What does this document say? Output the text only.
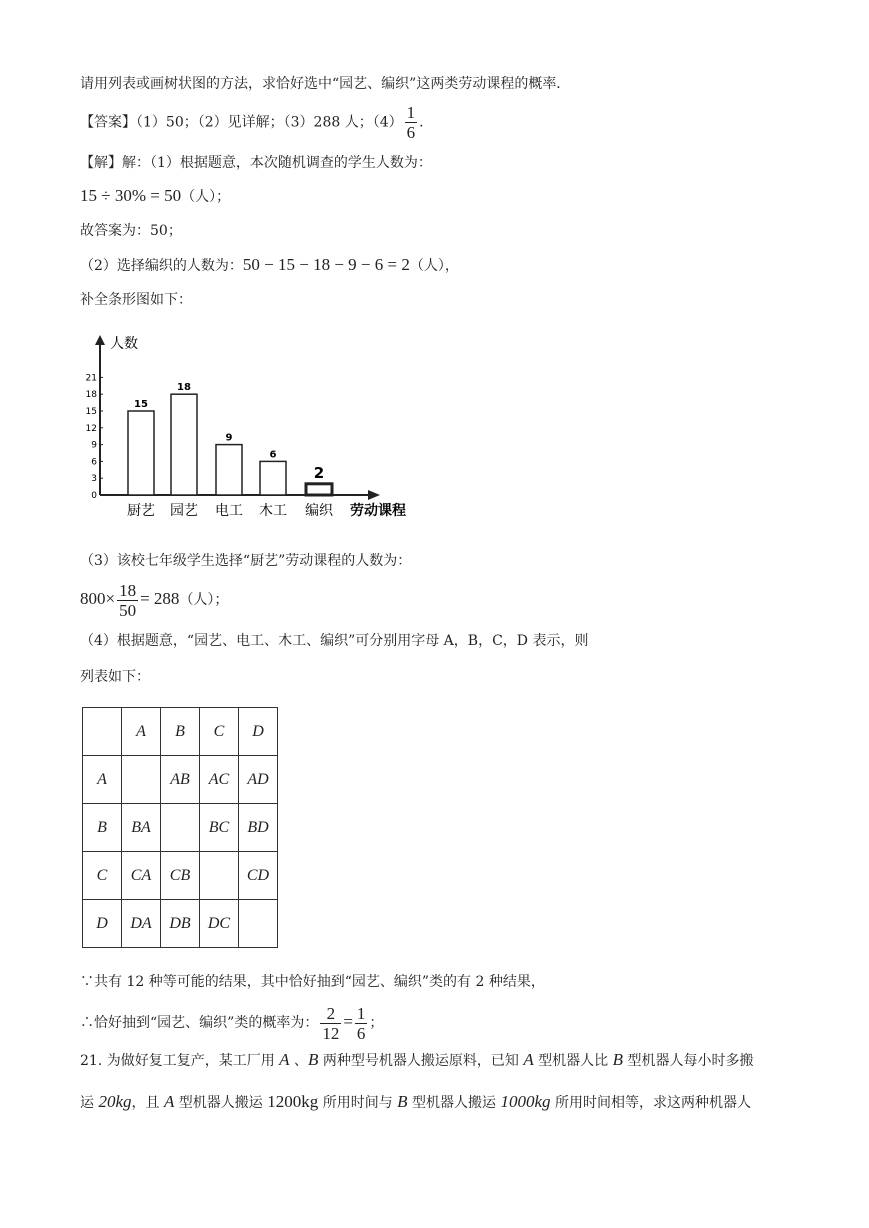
请用列表或画树状图的方法，求恰好选中“园艺、编织”这两类劳动课程的概率．
【答案】（1）50；（2）见详解；（3）288 人；$(4) \frac{1}{6}$ .
【解】解：（1）根据题意，本次随机调查的学生人数为：
15 ÷ 30% = 50（人）；
故答案为：50；
（2）选择编织的人数为：50 − 15 − 18 − 9 − 6 = 2（人），
补全条形图如下：
人数
劳动课程
0
3
6
9
12
15
18
21
15
厨艺
18
园艺
9
电工
6
木工
2
编织
（3）该校七年级学生选择“厨艺”劳动课程的人数为：
$800\times \frac{18}{50} = 288$（人）；
（4）根据题意，“园艺、电工、木工、编织”可分别用字母 A，B，C，D 表示，则
列表如下：
	A	B	C	D
A		AB	AC	AD
B	BA		BC	BD
C	CA	CB		CD
D	DA	DB	DC	
∵共有 12 种等可能的结果，其中恰好抽到“园艺、编织”类的有 2 种结果，
∴恰好抽到“园艺、编织”类的概率为： $\frac{2}{12} = \frac{1}{6}$ ；
21. 为做好复工复产，某工厂用 A 、B 两种型号机器人搬运原料，已知 A 型机器人比 B 型机器人每小时多搬
运 20kg，且 A 型机器人搬运 1200kg 所用时间与 B 型机器人搬运 1000kg 所用时间相等，求这两种机器人
